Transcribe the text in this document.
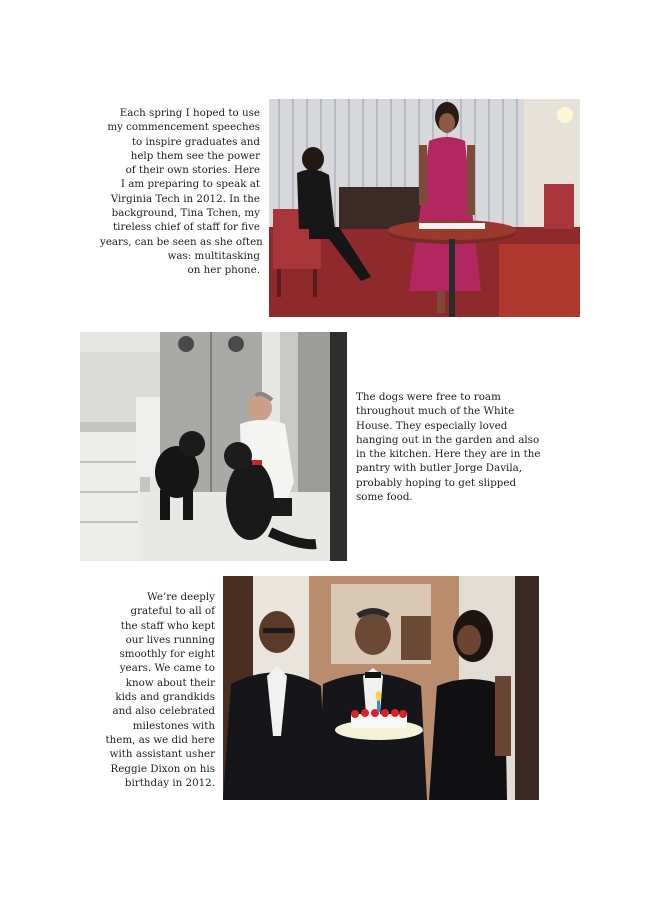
Each spring I hoped to use
my commencement speeches
to inspire graduates and
help them see the power
of their own stories. Here
I am preparing to speak at
Virginia Tech in 2012. In the
background, Tina Tchen, my
tireless chief of staff for five
years, can be seen as she often
was: multitasking
on her phone.
The dogs were free to roam
throughout much of the White
House. They especially loved
hanging out in the garden and also
in the kitchen. Here they are in the
pantry with butler Jorge Davila,
probably hoping to get slipped
some food.
We’re deeply
grateful to all of
the staff who kept
our lives running
smoothly for eight
years. We came to
know about their
kids and grandkids
and also celebrated
milestones with
them, as we did here
with assistant usher
Reggie Dixon on his
birthday in 2012.
